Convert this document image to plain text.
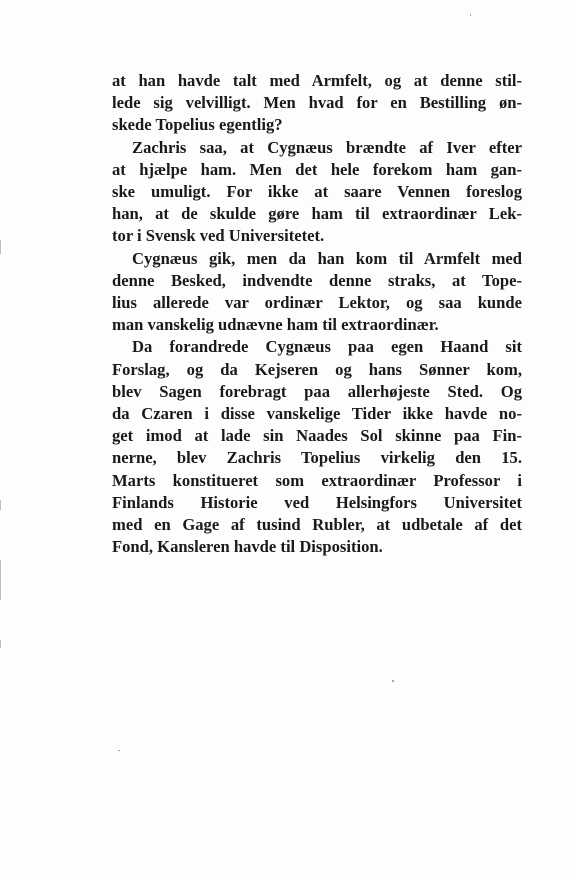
at han havde talt med Armfelt, og at denne stil-
lede sig velvilligt. Men hvad for en Bestilling øn-
skede Topelius egentlig?

Zachris saa, at Cygnæus brændte af Iver efter
at hjælpe ham. Men det hele forekom ham gan-
ske umuligt. For ikke at saare Vennen foreslog
han, at de skulde gøre ham til extraordinær Lek-
tor i Svensk ved Universitetet.

Cygnæus gik, men da han kom til Armfelt med
denne Besked, indvendte denne straks, at Tope-
lius allerede var ordinær Lektor, og saa kunde
man vanskelig udnævne ham til extraordinær.

Da forandrede Cygnæus paa egen Haand sit
Forslag, og da Kejseren og hans Sønner kom,
blev Sagen forebragt paa allerhøjeste Sted. Og
da Czaren i disse vanskelige Tider ikke havde no-
get imod at lade sin Naades Sol skinne paa Fin-
nerne, blev Zachris Topelius virkelig den 15.
Marts konstitueret som extraordinær Professor i
Finlands Historie ved Helsingfors Universitet
med en Gage af tusind Rubler, at udbetale af det
Fond, Kansleren havde til Disposition.
